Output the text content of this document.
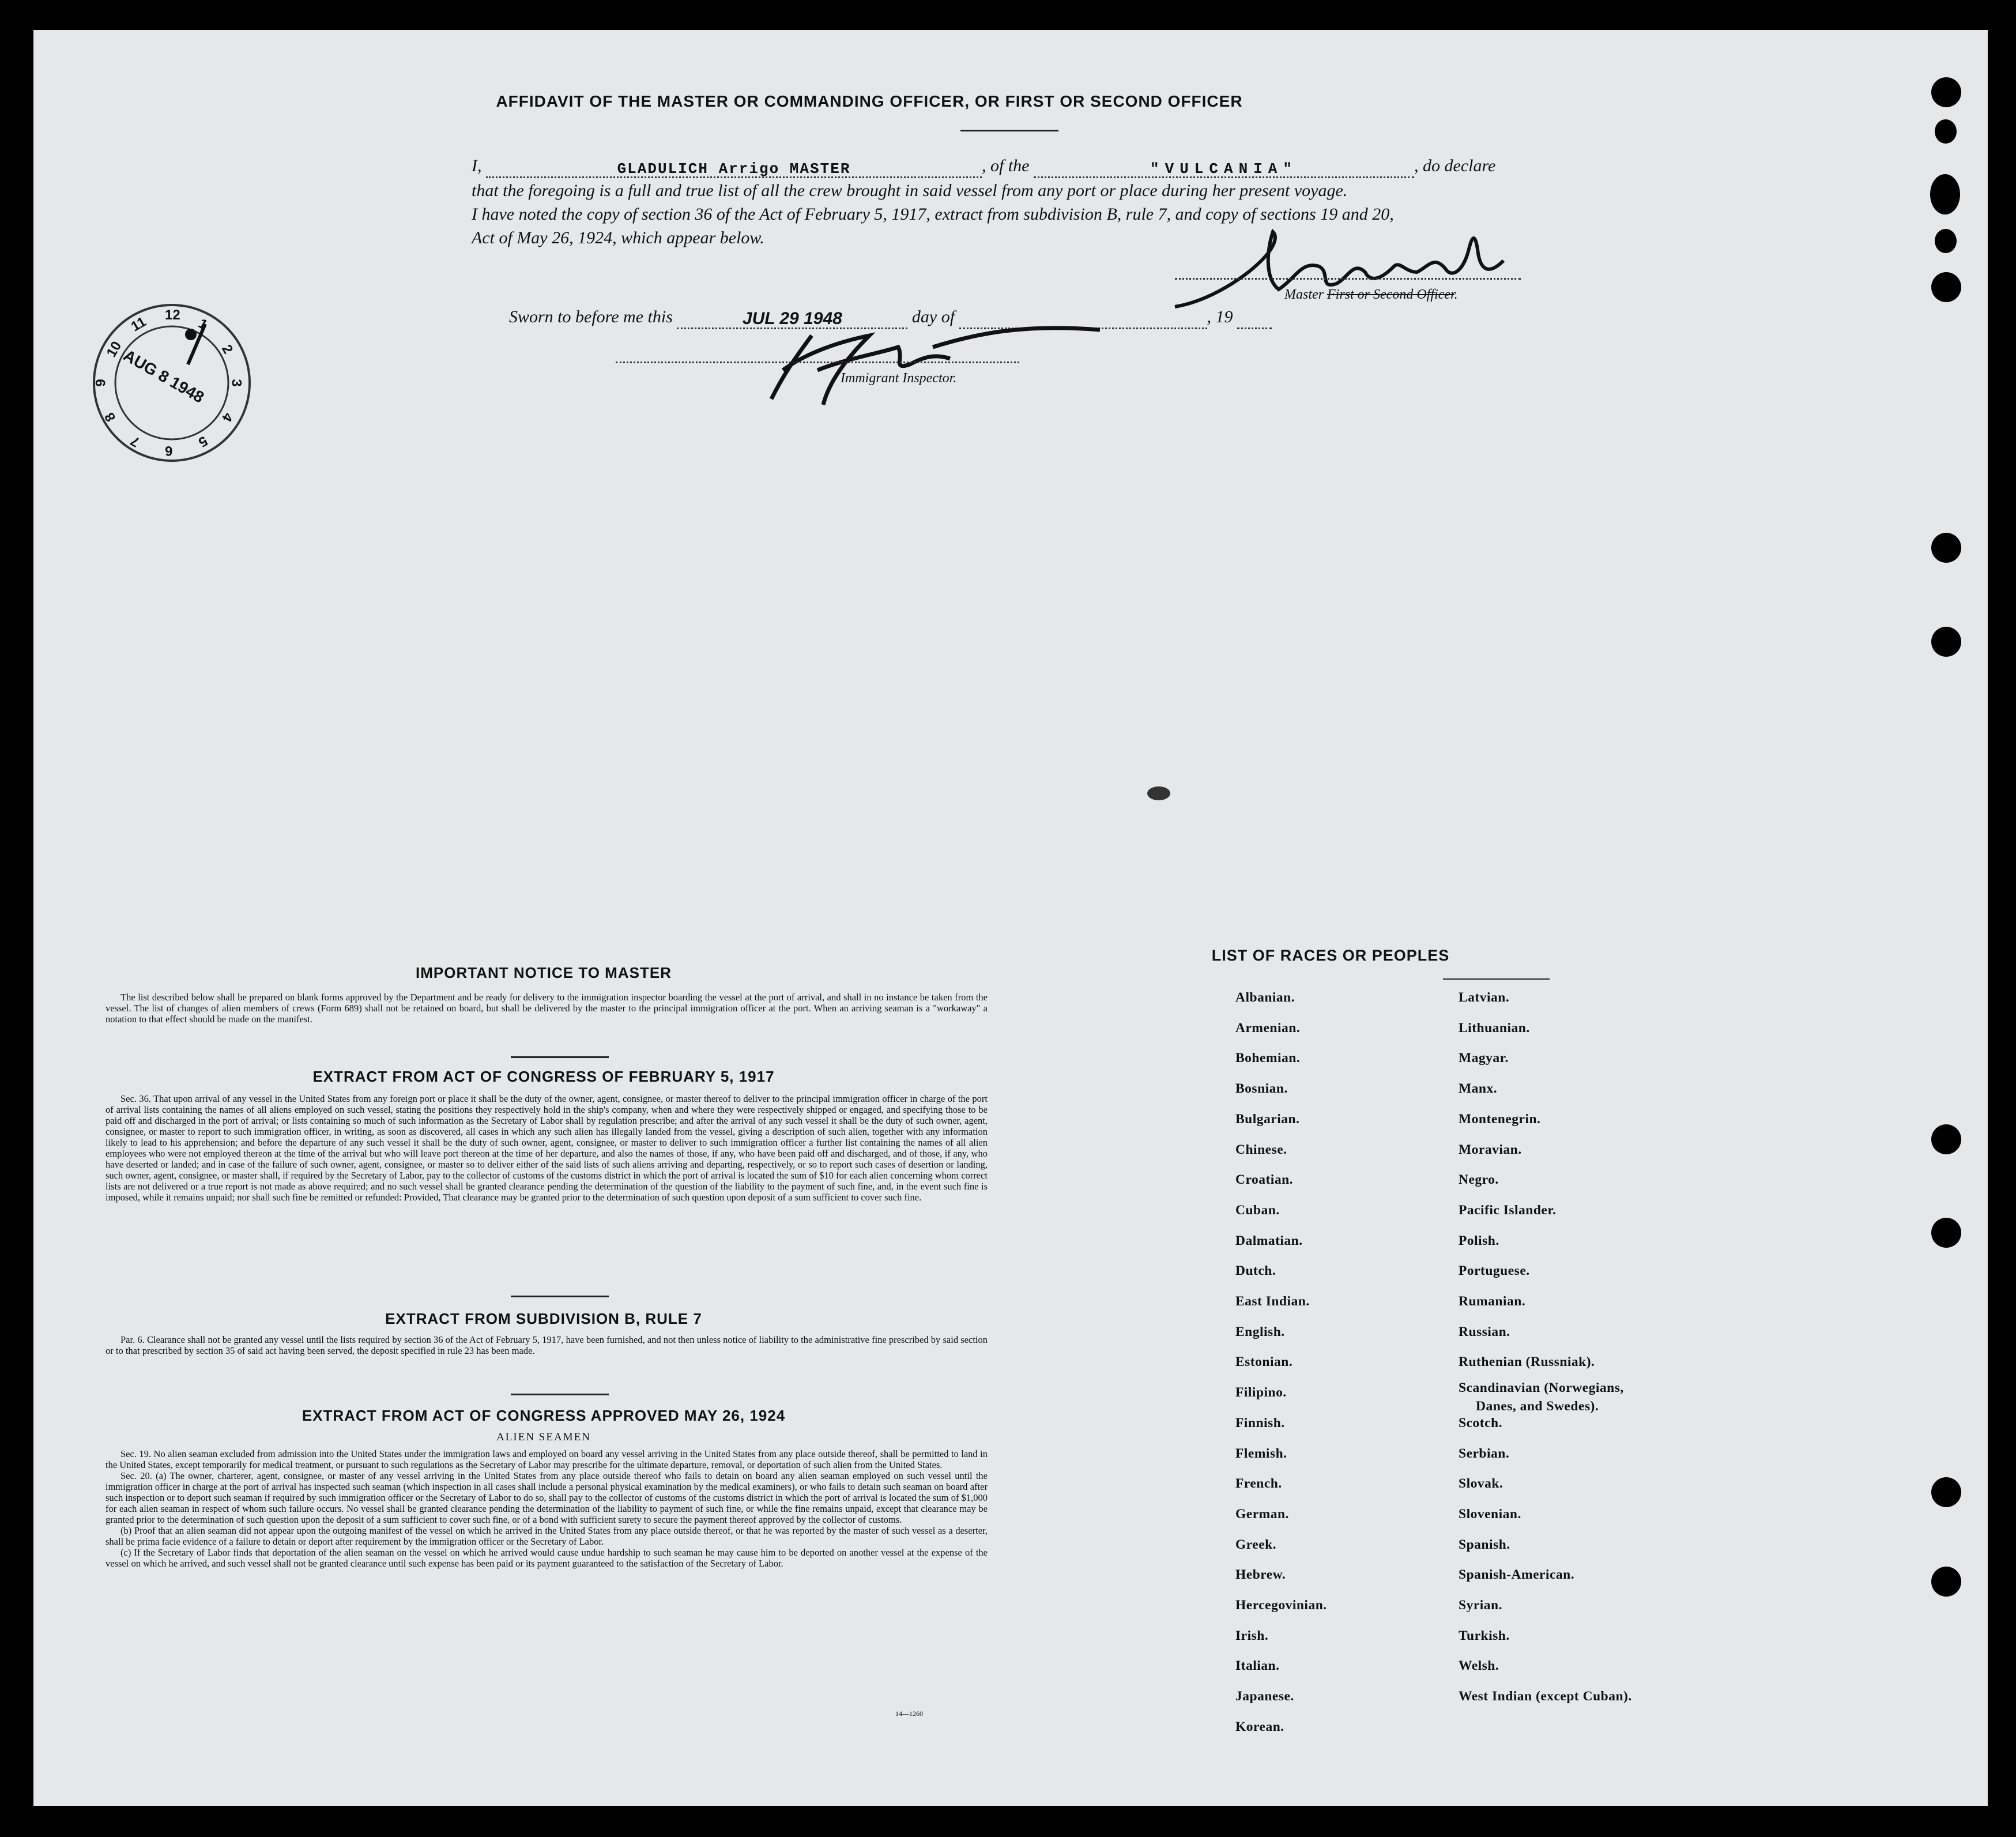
AFFIDAVIT OF THE MASTER OR COMMANDING OFFICER, OR FIRST OR SECOND OFFICER
I,	GLADULICH Arrigo MASTER	, of the	"VULCANIA"	, do declare
that the foregoing is a full and true list of all the crew brought in said vessel from any port or place during her present voyage.
I have noted the copy of section 36 of the Act of February 5, 1917, extract from subdivision B, rule 7, and copy of sections 19 and 20,
Act of May 26, 1924, which appear below.
Master First or Second Officer.
Sworn to before me this	JUL 29 1948	day of	, 19
Immigrant Inspector.
12
1
2
3
4
5
6
7
8
9
10
11
AUG 8 1948
IMPORTANT NOTICE TO MASTER

The list described below shall be prepared on blank forms approved by the Department and be ready for delivery to the immigration inspector boarding the vessel at the port of arrival, and shall in no instance be taken from the vessel. The list of changes of alien members of crews (Form 689) shall not be retained on board, but shall be delivered by the master to the principal immigration officer at the port. When an arriving seaman is a "workaway" a notation to that effect should be made on the manifest.

EXTRACT FROM ACT OF CONGRESS OF FEBRUARY 5, 1917

Sec. 36. That upon arrival of any vessel in the United States from any foreign port or place it shall be the duty of the owner, agent, consignee, or master thereof to deliver to the principal immigration officer in charge of the port of arrival lists containing the names of all aliens employed on such vessel, stating the positions they respectively hold in the ship's company, when and where they were respectively shipped or engaged, and specifying those to be paid off and discharged in the port of arrival; or lists containing so much of such information as the Secretary of Labor shall by regulation prescribe; and after the arrival of any such vessel it shall be the duty of such owner, agent, consignee, or master to report to such immigration officer, in writing, as soon as discovered, all cases in which any such alien has illegally landed from the vessel, giving a description of such alien, together with any information likely to lead to his apprehension; and before the departure of any such vessel it shall be the duty of such owner, agent, consignee, or master to deliver to such immigration officer a further list containing the names of all alien employees who were not employed thereon at the time of the arrival but who will leave port thereon at the time of her departure, and also the names of those, if any, who have been paid off and discharged, and of those, if any, who have deserted or landed; and in case of the failure of such owner, agent, consignee, or master so to deliver either of the said lists of such aliens arriving and departing, respectively, or so to report such cases of desertion or landing, such owner, agent, consignee, or master shall, if required by the Secretary of Labor, pay to the collector of customs of the customs district in which the port of arrival is located the sum of $10 for each alien concerning whom correct lists are not delivered or a true report is not made as above required; and no such vessel shall be granted clearance pending the determination of the question of the liability to the payment of such fine, and, in the event such fine is imposed, while it remains unpaid; nor shall such fine be remitted or refunded: Provided, That clearance may be granted prior to the determination of such question upon deposit of a sum sufficient to cover such fine.

EXTRACT FROM SUBDIVISION B, RULE 7

Par. 6. Clearance shall not be granted any vessel until the lists required by section 36 of the Act of February 5, 1917, have been furnished, and not then unless notice of liability to the administrative fine prescribed by said section or to that prescribed by section 35 of said act having been served, the deposit specified in rule 23 has been made.

EXTRACT FROM ACT OF CONGRESS APPROVED MAY 26, 1924
ALIEN SEAMEN

Sec. 19. No alien seaman excluded from admission into the United States under the immigration laws and employed on board any vessel arriving in the United States from any place outside thereof, shall be permitted to land in the United States, except temporarily for medical treatment, or pursuant to such regulations as the Secretary of Labor may prescribe for the ultimate departure, removal, or deportation of such alien from the United States.

Sec. 20. (a) The owner, charterer, agent, consignee, or master of any vessel arriving in the United States from any place outside thereof who fails to detain on board any alien seaman employed on such vessel until the immigration officer in charge at the port of arrival has inspected such seaman (which inspection in all cases shall include a personal physical examination by the medical examiners), or who fails to detain such seaman on board after such inspection or to deport such seaman if required by such immigration officer or the Secretary of Labor to do so, shall pay to the collector of customs of the customs district in which the port of arrival is located the sum of $1,000 for each alien seaman in respect of whom such failure occurs. No vessel shall be granted clearance pending the determination of the liability to payment of such fine, or while the fine remains unpaid, except that clearance may be granted prior to the determination of such question upon the deposit of a sum sufficient to cover such fine, or of a bond with sufficient surety to secure the payment thereof approved by the collector of customs.

(b) Proof that an alien seaman did not appear upon the outgoing manifest of the vessel on which he arrived in the United States from any place outside thereof, or that he was reported by the master of such vessel as a deserter, shall be prima facie evidence of a failure to detain or deport after requirement by the immigration officer or the Secretary of Labor.

(c) If the Secretary of Labor finds that deportation of the alien seaman on the vessel on which he arrived would cause undue hardship to such seaman he may cause him to be deported on another vessel at the expense of the vessel on which he arrived, and such vessel shall not be granted clearance until such expense has been paid or its payment guaranteed to the satisfaction of the Secretary of Labor.

14—1260
LIST OF RACES OR PEOPLES
Albanian.
Armenian.
Bohemian.
Bosnian.
Bulgarian.
Chinese.
Croatian.
Cuban.
Dalmatian.
Dutch.
East Indian.
English.
Estonian.
Filipino.
Finnish.
Flemish.
French.
German.
Greek.
Hebrew.
Hercegovinian.
Irish.
Italian.
Japanese.
Korean.
Latvian.
Lithuanian.
Magyar.
Manx.
Montenegrin.
Moravian.
Negro.
Pacific Islander.
Polish.
Portuguese.
Rumanian.
Russian.
Ruthenian (Russniak).
Scandinavian (Norwegians,
Danes, and Swedes).
Scotch.
Serbian.
Slovak.
Slovenian.
Spanish.
Spanish-American.
Syrian.
Turkish.
Welsh.
West Indian (except Cuban).
